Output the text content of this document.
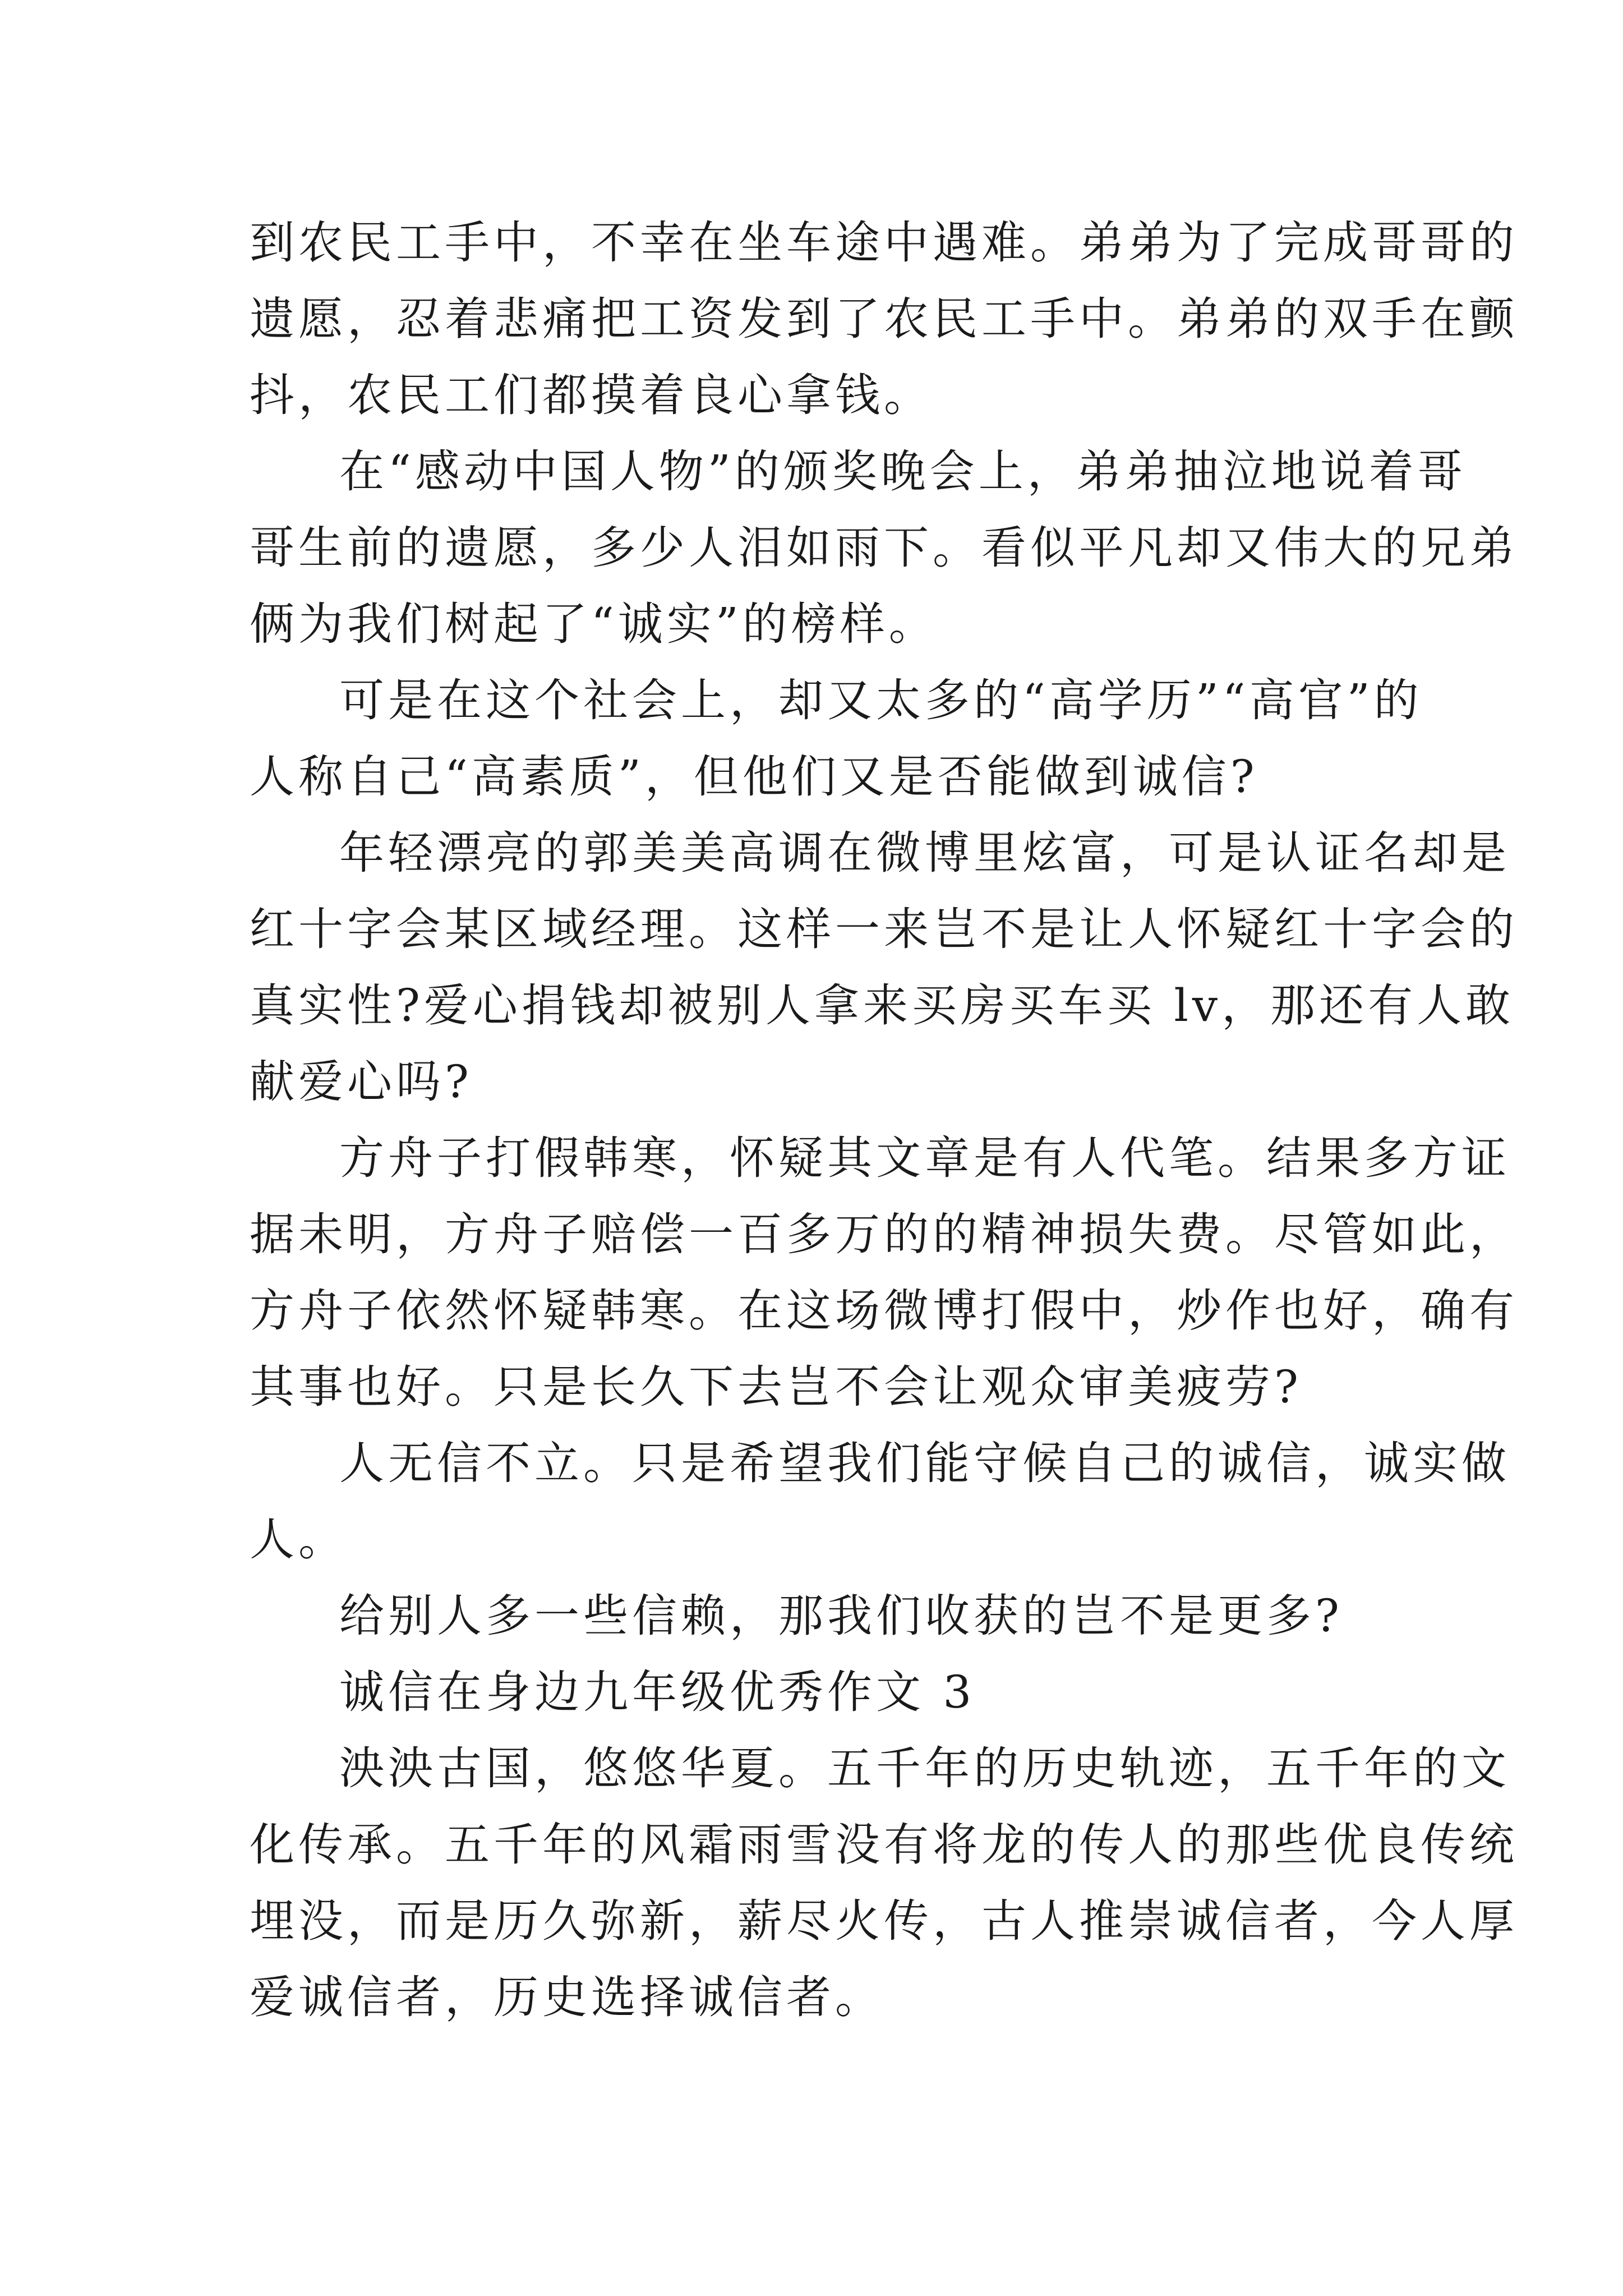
到农民工手中，不幸在坐车途中遇难。弟弟为了完成哥哥的
遗愿，忍着悲痛把工资发到了农民工手中。弟弟的双手在颤
抖，农民工们都摸着良心拿钱。
在“感动中国人物”的颁奖晚会上，弟弟抽泣地说着哥
哥生前的遗愿，多少人泪如雨下。看似平凡却又伟大的兄弟
俩为我们树起了“诚实”的榜样。
可是在这个社会上，却又太多的“高学历”“高官”的
人称自己“高素质”，但他们又是否能做到诚信?
年轻漂亮的郭美美高调在微博里炫富，可是认证名却是
红十字会某区域经理。这样一来岂不是让人怀疑红十字会的
真实性?爱心捐钱却被别人拿来买房买车买 lv，那还有人敢
献爱心吗?
方舟子打假韩寒，怀疑其文章是有人代笔。结果多方证
据未明，方舟子赔偿一百多万的的精神损失费。尽管如此，
方舟子依然怀疑韩寒。在这场微博打假中，炒作也好，确有
其事也好。只是长久下去岂不会让观众审美疲劳?
人无信不立。只是希望我们能守候自己的诚信，诚实做
人。
给别人多一些信赖，那我们收获的岂不是更多?
诚信在身边九年级优秀作文 3
泱泱古国，悠悠华夏。五千年的历史轨迹，五千年的文
化传承。五千年的风霜雨雪没有将龙的传人的那些优良传统
埋没，而是历久弥新，薪尽火传，古人推崇诚信者，今人厚
爱诚信者，历史选择诚信者。
